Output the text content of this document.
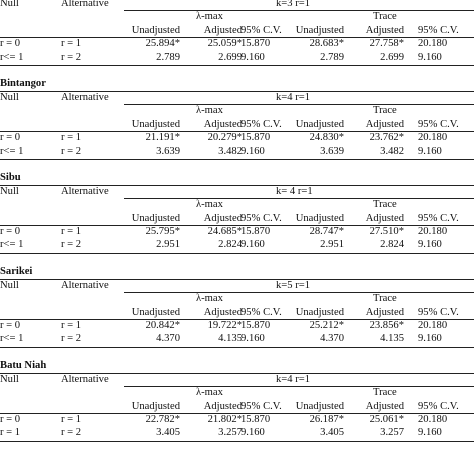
Null	Alternative	k=3 r=1
λ-max	Trace
Unadjusted Adjusted 95% C.V. Unadjusted Adjusted 95% C.V.
r = 0	r = 1	25.894*	25.059* 15.870	28.683* 27.758* 20.180
r<= 1	r = 2	2.789	2.699 9.160	2.789	2.699 9.160
Bintangor
Null	Alternative	k=4 r=1
λ-max	Trace
Unadjusted Adjusted 95% C.V. Unadjusted Adjusted 95% C.V.
r = 0	r = 1	21.191*	20.279* 15.870	24.830* 23.762* 20.180
r<= 1	r = 2	3.639	3.482 9.160	3.639	3.482 9.160
Sibu
Null	Alternative	k= 4 r=1
λ-max	Trace
Unadjusted Adjusted 95% C.V. Unadjusted Adjusted 95% C.V.
r = 0	r = 1	25.795*	24.685* 15.870	28.747* 27.510* 20.180
r<= 1	r = 2	2.951	2.824 9.160	2.951	2.824 9.160
Sarikei
Null	Alternative	k=5 r=1
λ-max	Trace
Unadjusted Adjusted 95% C.V. Unadjusted Adjusted 95% C.V.
r = 0	r = 1	20.842*	19.722* 15.870	25.212* 23.856* 20.180
r<= 1	r = 2	4.370	4.135 9.160	4.370	4.135 9.160
Batu Niah
Null	Alternative	k=4 r=1
λ-max	Trace
Unadjusted Adjusted 95% C.V. Unadjusted Adjusted 95% C.V.
r = 0	r = 1	22.782*	21.802* 15.870	26.187* 25.061* 20.180
r = 1	r = 2	3.405	3.257 9.160	3.405	3.257 9.160
